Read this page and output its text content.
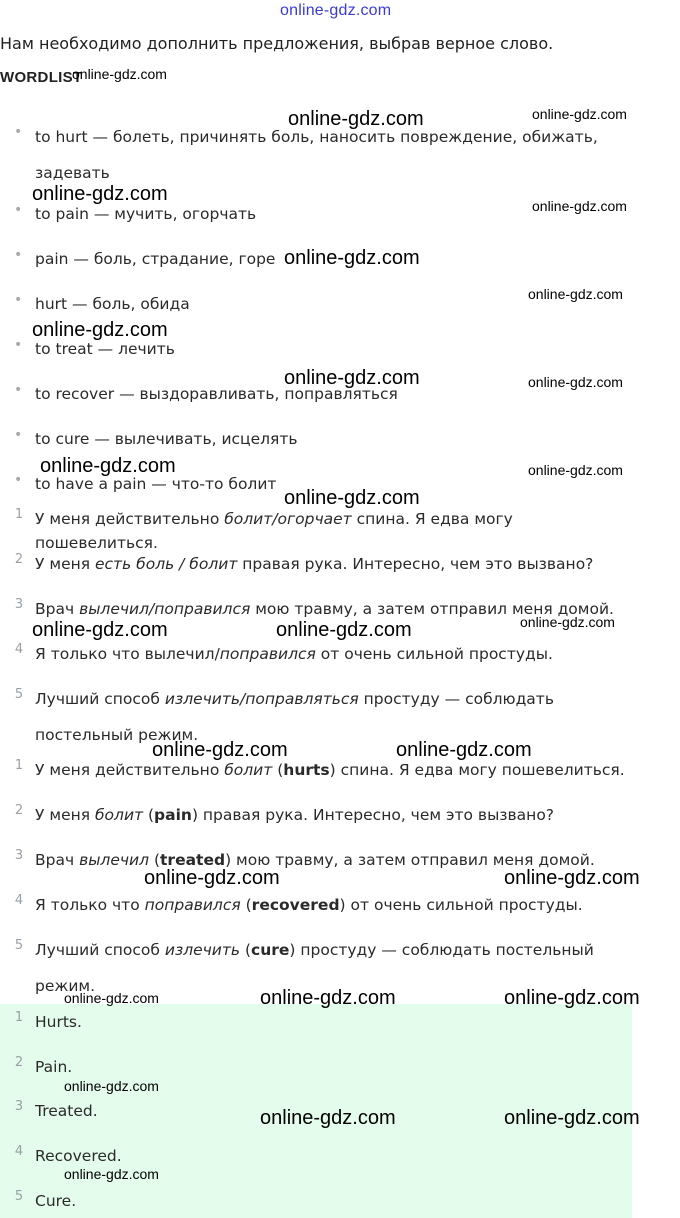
online-gdz.com
Нам необходимо дополнить предложения, выбрав верное слово.
WORDLIST
• to hurt — болеть, причинять боль, наносить повреждение, обижать, задевать
• to pain — мучить, огорчать
• pain — боль, страдание, горе
• hurt — боль, обида
• to treat — лечить
• to recover — выздоравливать, поправляться
• to cure — вылечивать, исцелять
• to have a pain — что-то болит
1 У меня действительно болит/огорчает спина. Я едва могу пошевелиться.
2 У меня есть боль / болит правая рука. Интересно, чем это вызвано?
3 Врач вылечил/поправился мою травму, а затем отправил меня домой.
4 Я только что вылечил/поправился от очень сильной простуды.
5 Лучший способ излечить/поправляться простуду — соблюдать постельный режим.
1 У меня действительно болит (hurts) спина. Я едва могу пошевелиться.
2 У меня болит (pain) правая рука. Интересно, чем это вызвано?
3 Врач вылечил (treated) мою травму, а затем отправил меня домой.
4 Я только что поправился (recovered) от очень сильной простуды.
5 Лучший способ излечить (cure) простуду — соблюдать постельный режим.
1 Hurts.
2 Pain.
3 Treated.
4 Recovered.
5 Cure.
online-gdz.com
online-gdz.com	online-gdz.com
online-gdz.com
online-gdz.com
online-gdz.com
online-gdz.com
online-gdz.com
online-gdz.com	online-gdz.com
online-gdz.com	online-gdz.com
online-gdz.com
online-gdz.com	online-gdz.com	online-gdz.com
online-gdz.com	online-gdz.com
online-gdz.com	online-gdz.com
online-gdz.com	online-gdz.com	online-gdz.com
online-gdz.com
online-gdz.com	online-gdz.com
online-gdz.com
